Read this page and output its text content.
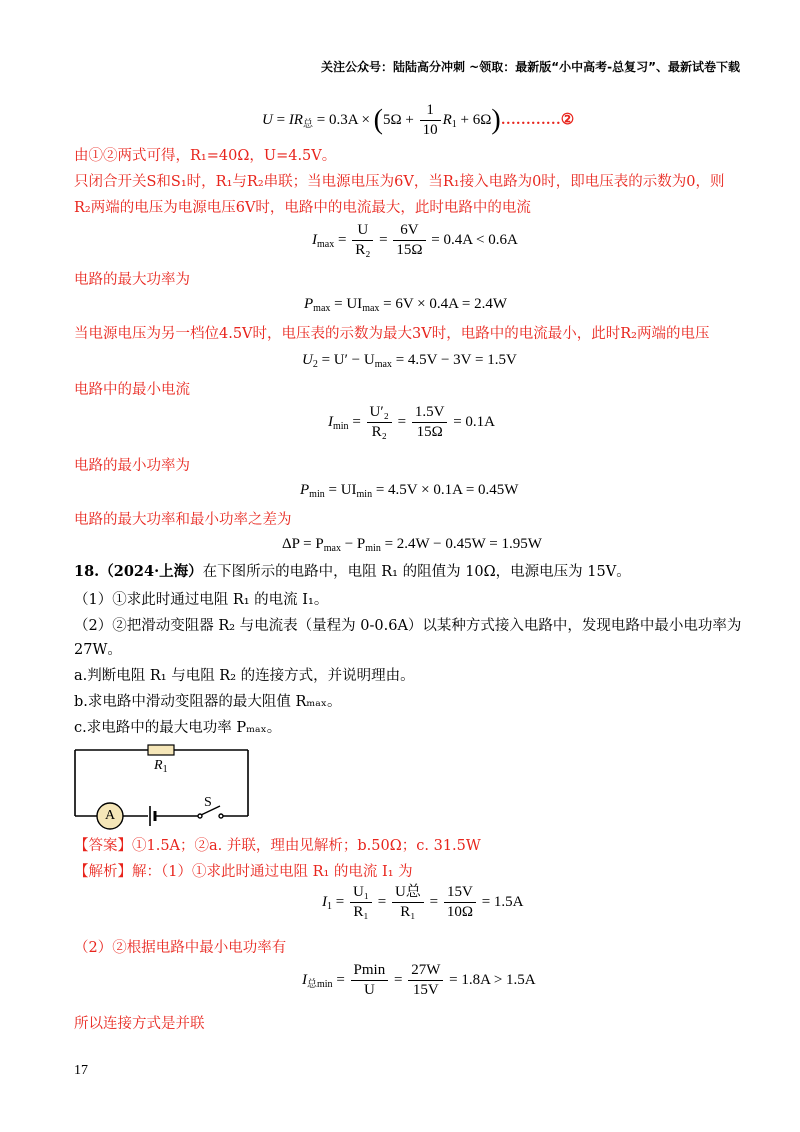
关注公众号：陆陆高分冲刺 ~领取：最新版“小中高考-总复习”、最新试卷下载
$U = IR_总 = 0.3A \times (5\Omega + \frac{1}{10} R_1$ + 6Ω)…………②
由①②两式可得，R₁=40Ω，U=4.5V。
只闭合开关S和S₁时，R₁与R₂串联；当电源电压为6V，当R₁接入电路为0时，即电压表的示数为0，则
R₂两端的电压为电源电压6V时，电路中的电流最大，此时电路中的电流
$I_{max} = \frac{U}{\text{R₂}} = \frac{6V}{15\Omega} = 0.4A < 0.6A$
电路的最大功率为
$P_{max} = UI_{max} = 6V \times 0.4A = 2.4W$
当电源电压为另一档位4.5V时，电压表的示数为最大3V时，电路中的电流最小，此时R₂两端的电压
$U_2 = U' - U_{max} = 4.5V - 3V = 1.5V$
电路中的最小电流
$I_{min} = \frac{\text{U′₂}}{\text{R₂}} = \frac{1.5V}{15\Omega} = 0.1A$
电路的最小功率为
$P_{min} = UI_{min} = 4.5V \times 0.1A = 0.45W$
电路的最大功率和最小功率之差为
$\Delta P = P_{max} - P_{min} = 2.4W - 0.45W = 1.95W$
18.（2024·上海）在下图所示的电路中，电阻 R₁ 的阻值为 10Ω，电源电压为 15V。
（1）①求此时通过电阻 R₁ 的电流 I₁。
（2）②把滑动变阻器 R₂ 与电流表（量程为 0-0.6A）以某种方式接入电路中，发现电路中最小电功率为
27W。
a.判断电阻 R₁ 与电阻 R₂ 的连接方式，并说明理由。
b.求电路中滑动变阻器的最大阻值 Rₘₐₓ。
c.求电路中的最大电功率 Pₘₐₓ。
$R_1$
A
S
【答案】①1.5A；②a. 并联，理由见解析；b.50Ω；c. 31.5W
【解析】解：（1）①求此时通过电阻 R₁ 的电流 I₁ 为
$I_1 = \frac{\text{U₁}}{\text{R₁}} = \frac{\text{U总}}{\text{R₁}} = \frac{15V}{10\Omega} = 1.5A$
（2）②根据电路中最小电功率有
$I_{总min} = \frac{Pmin}{U} = \frac{27W}{15V} = 1.8A > 1.5A$
所以连接方式是并联
17
